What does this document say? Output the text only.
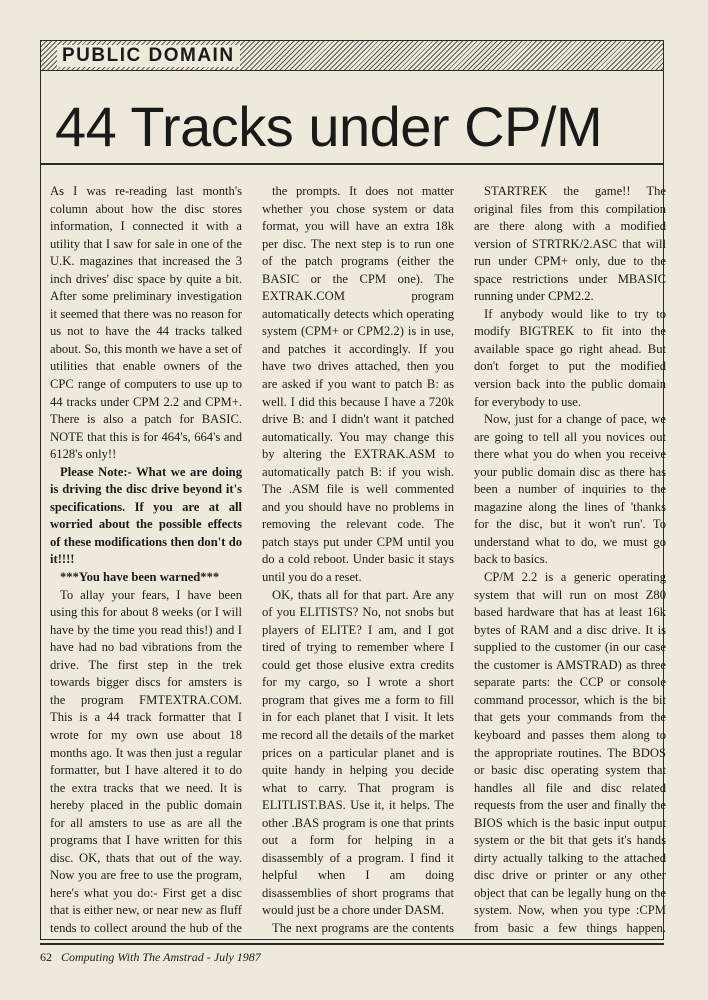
PUBLIC DOMAIN
44 Tracks under CP/M

As I was re-reading last month's column about how the disc stores information, I connected it with a utility that I saw for sale in one of the U.K. magazines that increased the 3 inch drives' disc space by quite a bit. After some preliminary investigation it seemed that there was no reason for us not to have the 44 tracks talked about. So, this month we have a set of utilities that enable owners of the CPC range of computers to use up to 44 tracks under CPM 2.2 and CPM+. There is also a patch for BASIC. NOTE that this is for 464's, 664's and 6128's only!!

Please Note:- What we are doing is driving the disc drive beyond it's specifications. If you are at all worried about the possible effects of these modifications then don't do it!!!!

***You have been warned***

To allay your fears, I have been using this for about 8 weeks (or I will have by the time you read this!) and I have had no bad vibrations from the drive. The first step in the trek towards bigger discs for amsters is the program FMTEXTRA.COM. This is a 44 track formatter that I wrote for my own use about 18 months ago. It was then just a regular formatter, but I have altered it to do the extra tracks that we need. It is hereby placed in the public domain for all amsters to use as are all the programs that I have written for this disc. OK, thats that out of the way. Now you are free to use the program, here's what you do:- First get a disc that is either new, or near new as fluff tends to collect around the hub of the

the prompts. It does not matter whether you chose system or data format, you will have an extra 18k per disc. The next step is to run one of the patch programs (either the BASIC or the CPM one). The EXTRAK.COM program automatically detects which operating system (CPM+ or CPM2.2) is in use, and patches it accordingly. If you have two drives attached, then you are asked if you want to patch B: as well. I did this because I have a 720k drive B: and I didn't want it patched automatically. You may change this by altering the EXTRAK.ASM to automatically patch B: if you wish. The .ASM file is well commented and you should have no problems in removing the relevant code. The patch stays put under CPM until you do a cold reboot. Under basic it stays until you do a reset.

OK, thats all for that part. Are any of you ELITISTS? No, not snobs but players of ELITE? I am, and I got tired of trying to remember where I could get those elusive extra credits for my cargo, so I wrote a short program that gives me a form to fill in for each planet that I visit. It lets me record all the details of the market prices on a particular planet and is quite handy in helping you decide what to carry. That program is ELITLIST.BAS. Use it, it helps. The other .BAS program is one that prints out a form for helping in a disassembly of a program. I find it helpful when I am doing disassemblies of short programs that would just be a chore under DASM.

The next programs are the contents

STARTREK the game!! The original files from this compilation are there along with a modified version of STRTRK/2.ASC that will run under CPM+ only, due to the space restrictions under MBASIC running under CPM2.2.

If anybody would like to try to modify BIGTREK to fit into the available space go right ahead. But don't forget to put the modified version back into the public domain for everybody to use.

Now, just for a change of pace, we are going to tell all you novices out there what you do when you receive your public domain disc as there has been a number of inquiries to the magazine along the lines of 'thanks for the disc, but it won't run'. To understand what to do, we must go back to basics.

CP/M 2.2 is a generic operating system that will run on most Z80 based hardware that has at least 16k bytes of RAM and a disc drive. It is supplied to the customer (in our case the customer is AMSTRAD) as three separate parts: the CCP or console command processor, which is the bit that gets your commands from the keyboard and passes them along to the appropriate routines. The BDOS or basic disc operating system that handles all file and disc related requests from the user and finally the BIOS which is the basic input output system or the bit that gets it's hands dirty actually talking to the attached disc drive or printer or any other object that can be legally hung on the system. Now, when you type :CPM from basic a few things happen.

62 Computing With The Amstrad - July 1987
